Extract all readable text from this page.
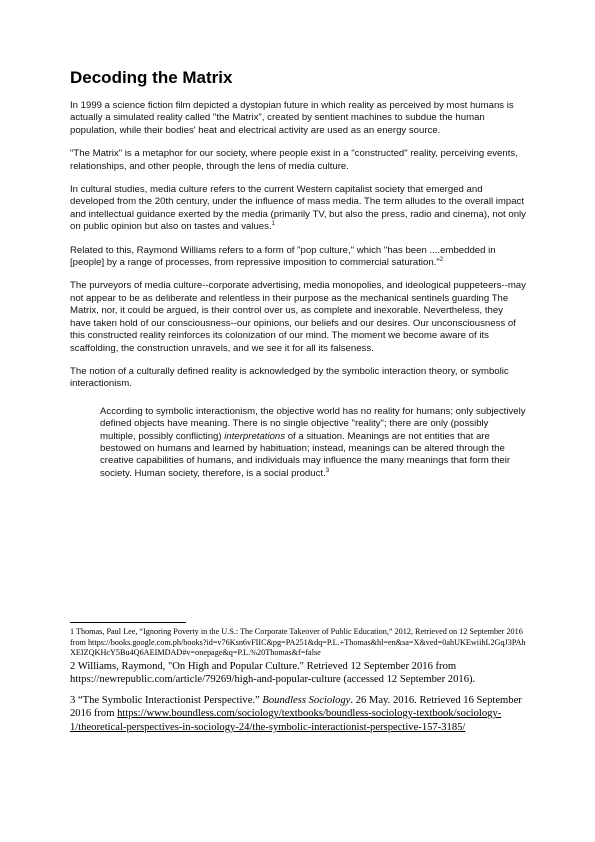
Decoding the Matrix

In 1999 a science fiction film depicted a dystopian future in which reality as perceived by most humans is actually a simulated reality called "the Matrix", created by sentient machines to subdue the human population, while their bodies' heat and electrical activity are used as an energy source.

"The Matrix" is a metaphor for our society, where people exist in a "constructed" reality, perceiving events, relationships, and other people, through the lens of media culture.

In cultural studies, media culture refers to the current Western capitalist society that emerged and developed from the 20th century, under the influence of mass media. The term alludes to the overall impact and intellectual guidance exerted by the media (primarily TV, but also the press, radio and cinema), not only on public opinion but also on tastes and values.$^1$

Related to this, Raymond Williams refers to a form of "pop culture," which "has been ....embedded in [people] by a range of processes, from repressive imposition to commercial saturation."$^2$

The purveyors of media culture--corporate advertising, media monopolies, and ideological puppeteers--may not appear to be as deliberate and relentless in their purpose as the mechanical sentinels guarding The Matrix, nor, it could be argued, is their control over us, as complete and inexorable. Nevertheless, they have taken hold of our consciousness--our opinions, our beliefs and our desires. Our unconsciousness of this constructed reality reinforces its colonization of our mind. The moment we become aware of its scaffolding, the construction unravels, and we see it for all its falseness.

The notion of a culturally defined reality is acknowledged by the symbolic interaction theory, or symbolic interactionism.

According to symbolic interactionism, the objective world has no reality for humans; only subjectively defined objects have meaning. There is no single objective "reality"; there are only (possibly multiple, possibly conflicting) interpretations of a situation. Meanings are not entities that are bestowed on humans and learned by habituation; instead, meanings can be altered through the creative capabilities of humans, and individuals may influence the many meanings that form their society. Human society, therefore, is a social product.$^3$

1 Thomas, Paul Lee, “Ignoring Poverty in the U.S.: The Corporate Takeover of Public Education,” 2012, Retrieved on 12 September 2016 from https://books.google.com.ph/books?id=v76Ksn6vFIIC&pg=PA251&dq=P.L.+Thomas&hl=en&sa=X&ved=0ahUKEwiihL2GqJ3PAhXEIZQKHcY5Bu4Q6AEIMDAD#v=onepage&q=P.L.%20Thomas&f=false

2 Williams, Raymond, "On High and Popular Culture." Retrieved 12 September 2016 from https://newrepublic.com/article/79269/high-and-popular-culture (accessed 12 September 2016).

3 “The Symbolic Interactionist Perspective.” Boundless Sociology. 26 May. 2016. Retrieved 16 September 2016 from https://www.boundless.com/sociology/textbooks/boundless-sociology-textbook/sociology-1/theoretical-perspectives-in-sociology-24/the-symbolic-interactionist-perspective-157-3185/
